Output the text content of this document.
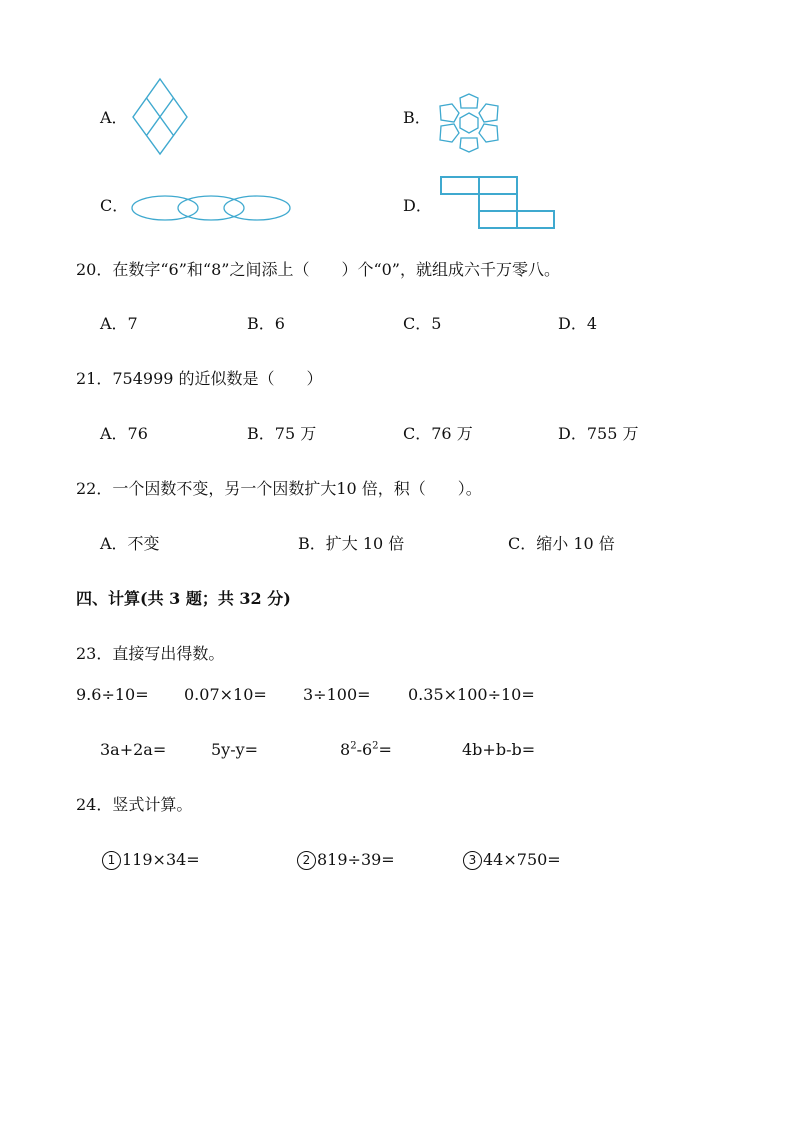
A．	B．
C．	D．
20．在数字“6”和“8”之间添上（　　）个“0”，就组成六千万零八。
A．7	B．6	C．5	D．4
21．754999 的近似数是（　　）
A．76	B．75 万	C．76 万	D．755 万
22．一个因数不变，另一个因数扩大10 倍，积（　　）。
A．不变	B．扩大 10 倍	C．缩小 10 倍
四、计算(共 3 题；共 32 分)
23．直接写出得数。
9.6÷10= 0.07×10= 3÷100= 0.35×100÷10=
3a+2a=	5y-y=	$8^2-6^2=$	4b+b-b=
24．竖式计算。
1 119×34=	2 819÷39=	3 44×750=
